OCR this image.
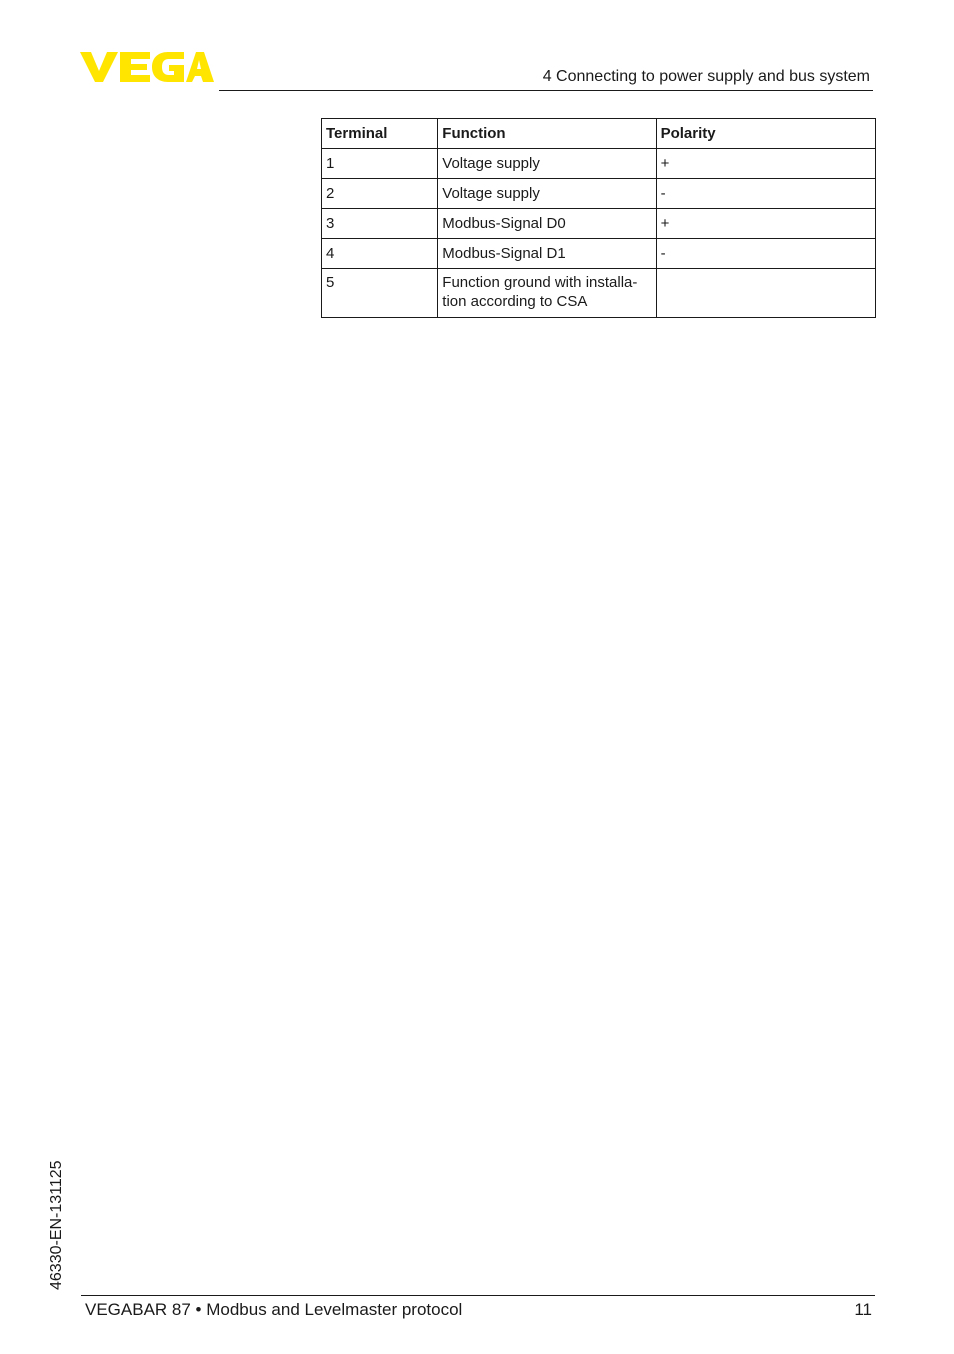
4 Connecting to power supply and bus system
Terminal	Function	Polarity
1	Voltage supply	+
2	Voltage supply	-
3	Modbus-Signal D0	+
4	Modbus-Signal D1	-
5	Function ground with installa-
tion according to CSA	
46330-EN-131125
VEGABAR 87 • Modbus and Levelmaster protocol	11
